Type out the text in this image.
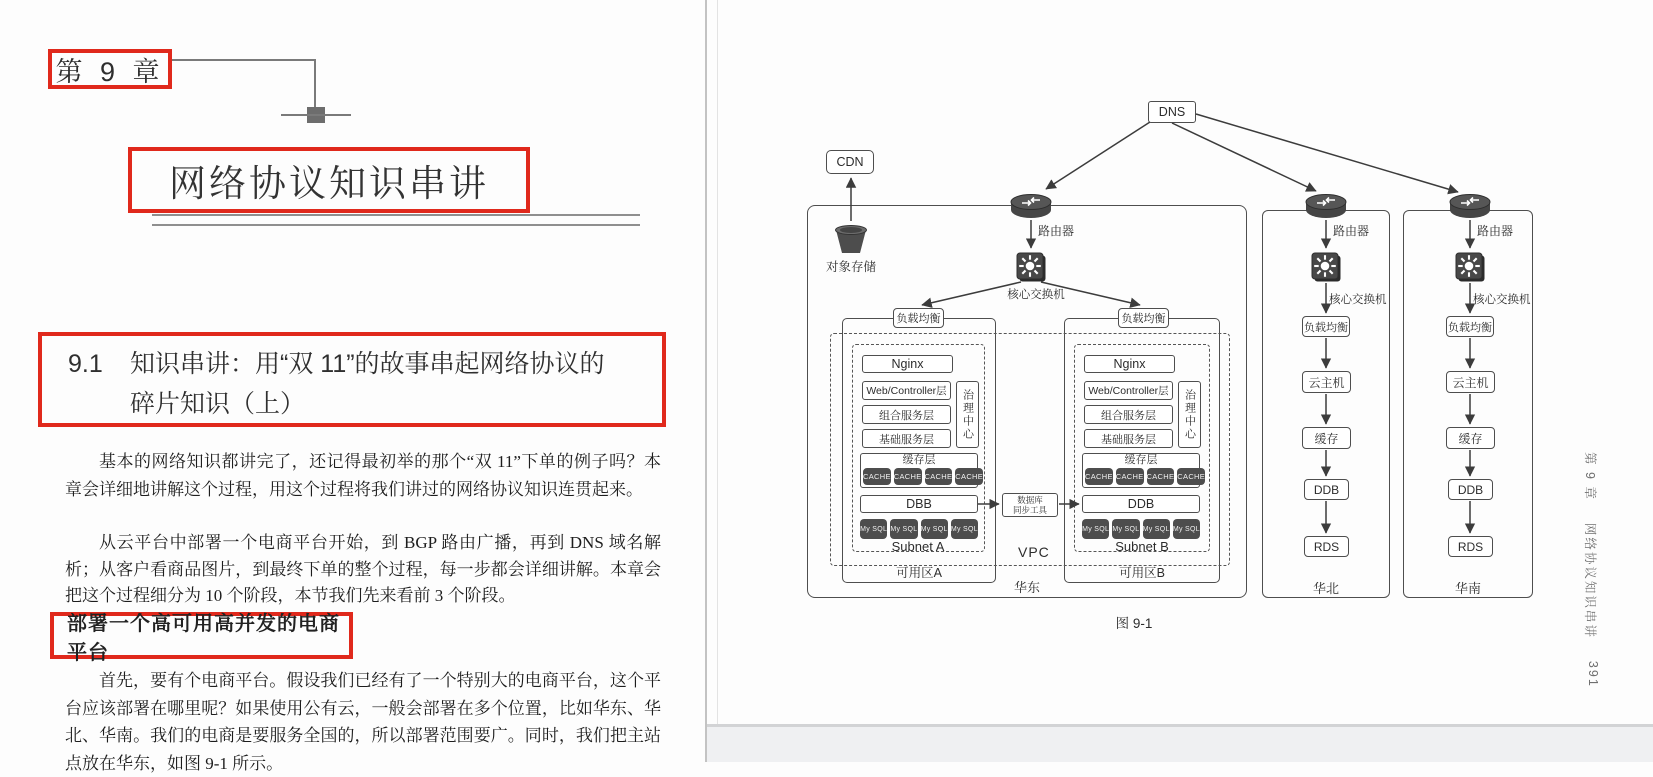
第 9 章
网络协议知识串讲
9.1 知识串讲：用“双 11”的故事串起网络协议的
碎片知识（上）
基本的网络知识都讲完了，还记得最初举的那个“双 11”下单的例子吗？本章会详细地讲解这个过程，用这个过程将我们讲过的网络协议知识连贯起来。
从云平台中部署一个电商平台开始，到 BGP 路由广播，再到 DNS 域名解析；从客户看商品图片，到最终下单的整个过程，每一步都会详细讲解。本章会把这个过程细分为 10 个阶段，本节我们先来看前 3 个阶段。
部署一个高可用高并发的电商平台
首先，要有个电商平台。假设我们已经有了一个特别大的电商平台，这个平台应该部署在哪里呢？如果使用公有云，一般会部署在多个位置，比如华东、华北、华南。我们的电商是要服务全国的，所以部署范围要广。同时，我们把主站点放在华东，如图 9-1 所示。
DNS
CDN
对象存储
路由器	路由器	路由器
核心交换机	核心交换机	核心交换机
负载均衡	负载均衡
负载均衡	负载均衡
Nginx
Web/Controller层
组合服务层
基础服务层	治理中心
缓存层
CACHE CACHE CACHE CACHE
DBB
My SQL My SQL My SQL My SQL
Subnet A
Nginx
Web/Controller层
组合服务层
基础服务层	治理中心
缓存层
CACHE CACHE CACHE CACHE
DDB
My SQL My SQL My SQL My SQL
Subnet B
数据库
同步工具
云主机
缓存
DDB
RDS
云主机
缓存
DDB
RDS
可用区A	可用区B
VPC
华东	华北	华南
图 9-1
第 9 章
网络协议知识串讲
391
